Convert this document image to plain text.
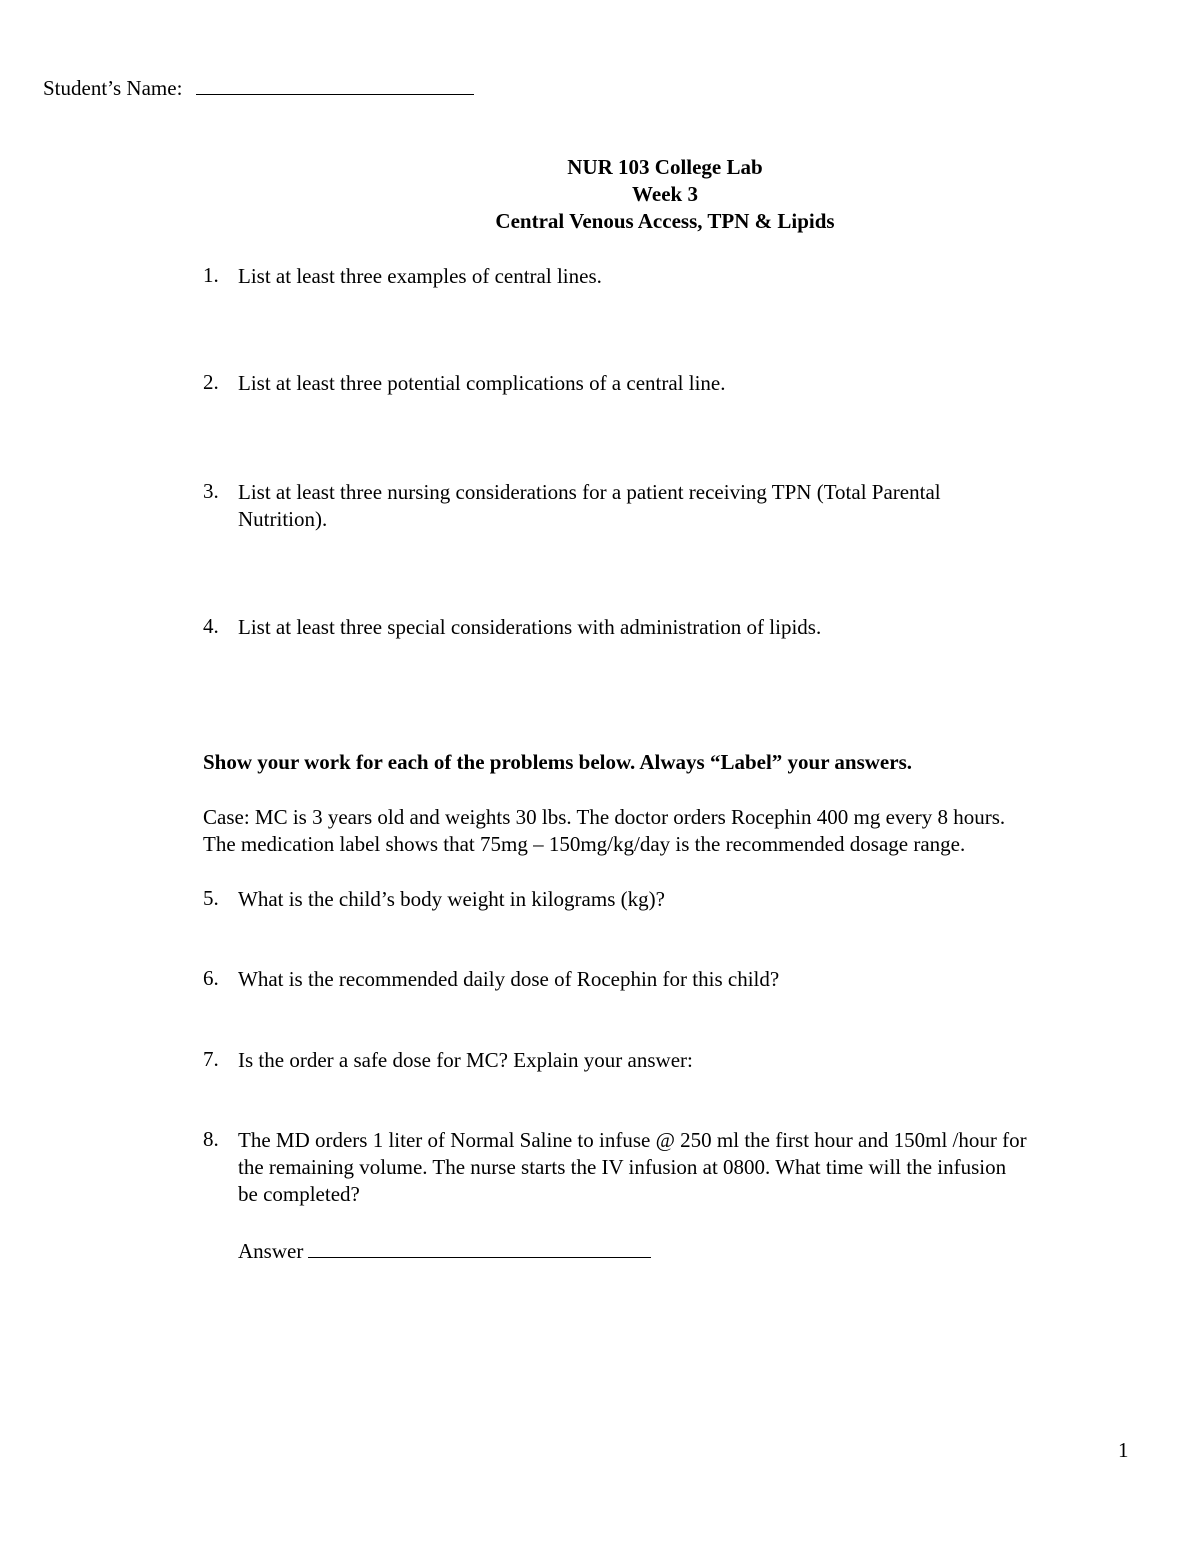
Student’s Name:
NUR 103 College Lab
Week 3
Central Venous Access, TPN & Lipids
1. List at least three examples of central lines.
2. List at least three potential complications of a central line.
3. List at least three nursing considerations for a patient receiving TPN (Total Parental
Nutrition).
4. List at least three special considerations with administration of lipids.
Show your work for each of the problems below. Always “Label” your answers.
Case: MC is 3 years old and weights 30 lbs. The doctor orders Rocephin 400 mg every 8 hours.
The medication label shows that 75mg – 150mg/kg/day is the recommended dosage range.
5. What is the child’s body weight in kilograms (kg)?
6. What is the recommended daily dose of Rocephin for this child?
7. Is the order a safe dose for MC? Explain your answer:
8. The MD orders 1 liter of Normal Saline to infuse @ 250 ml the first hour and 150ml /hour for
the remaining volume. The nurse starts the IV infusion at 0800. What time will the infusion
be completed?
Answer
1
